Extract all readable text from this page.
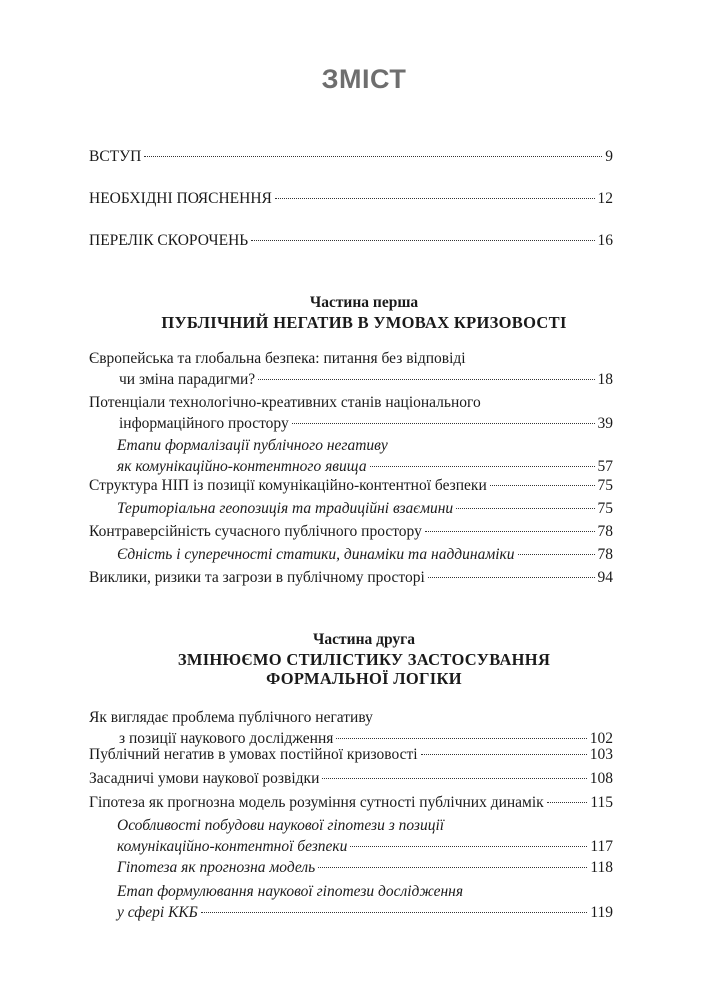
ЗМІСТ
ВСТУП	9
НЕОБХІДНІ ПОЯСНЕННЯ	12
ПЕРЕЛІК СКОРОЧЕНЬ	16
Частина перша
ПУБЛІЧНИЙ НЕГАТИВ В УМОВАХ КРИЗОВОСТІ
Європейська та глобальна безпека: питання без відповіді
чи зміна парадигми?	18
Потенціали технологічно-креативних станів національного
інформаційного простору	39
Етапи формалізації публічного негативу
як комунікаційно-контентного явища	57
Структура НІП із позиції комунікаційно-контентної безпеки	75
Територіальна геопозиція та традиційні взаємини	75
Контраверсійність сучасного публічного простору	78
Єдність і суперечності статики, динаміки та наддинаміки	78
Виклики, ризики та загрози в публічному просторі	94
Частина друга
ЗМІНЮЄМО СТИЛІСТИКУ ЗАСТОСУВАННЯ
ФОРМАЛЬНОЇ ЛОГІКИ
Як виглядає проблема публічного негативу
з позиції наукового дослідження	102
Публічний негатив в умовах постійної кризовості	103
Засадничі умови наукової розвідки	108
Гіпотеза як прогнозна модель розуміння сутності публічних динамік	115
Особливості побудови наукової гіпотези з позиції
комунікаційно-контентної безпеки	117
Гіпотеза як прогнозна модель	118
Етап формулювання наукової гіпотези дослідження
у сфері ККБ	119
